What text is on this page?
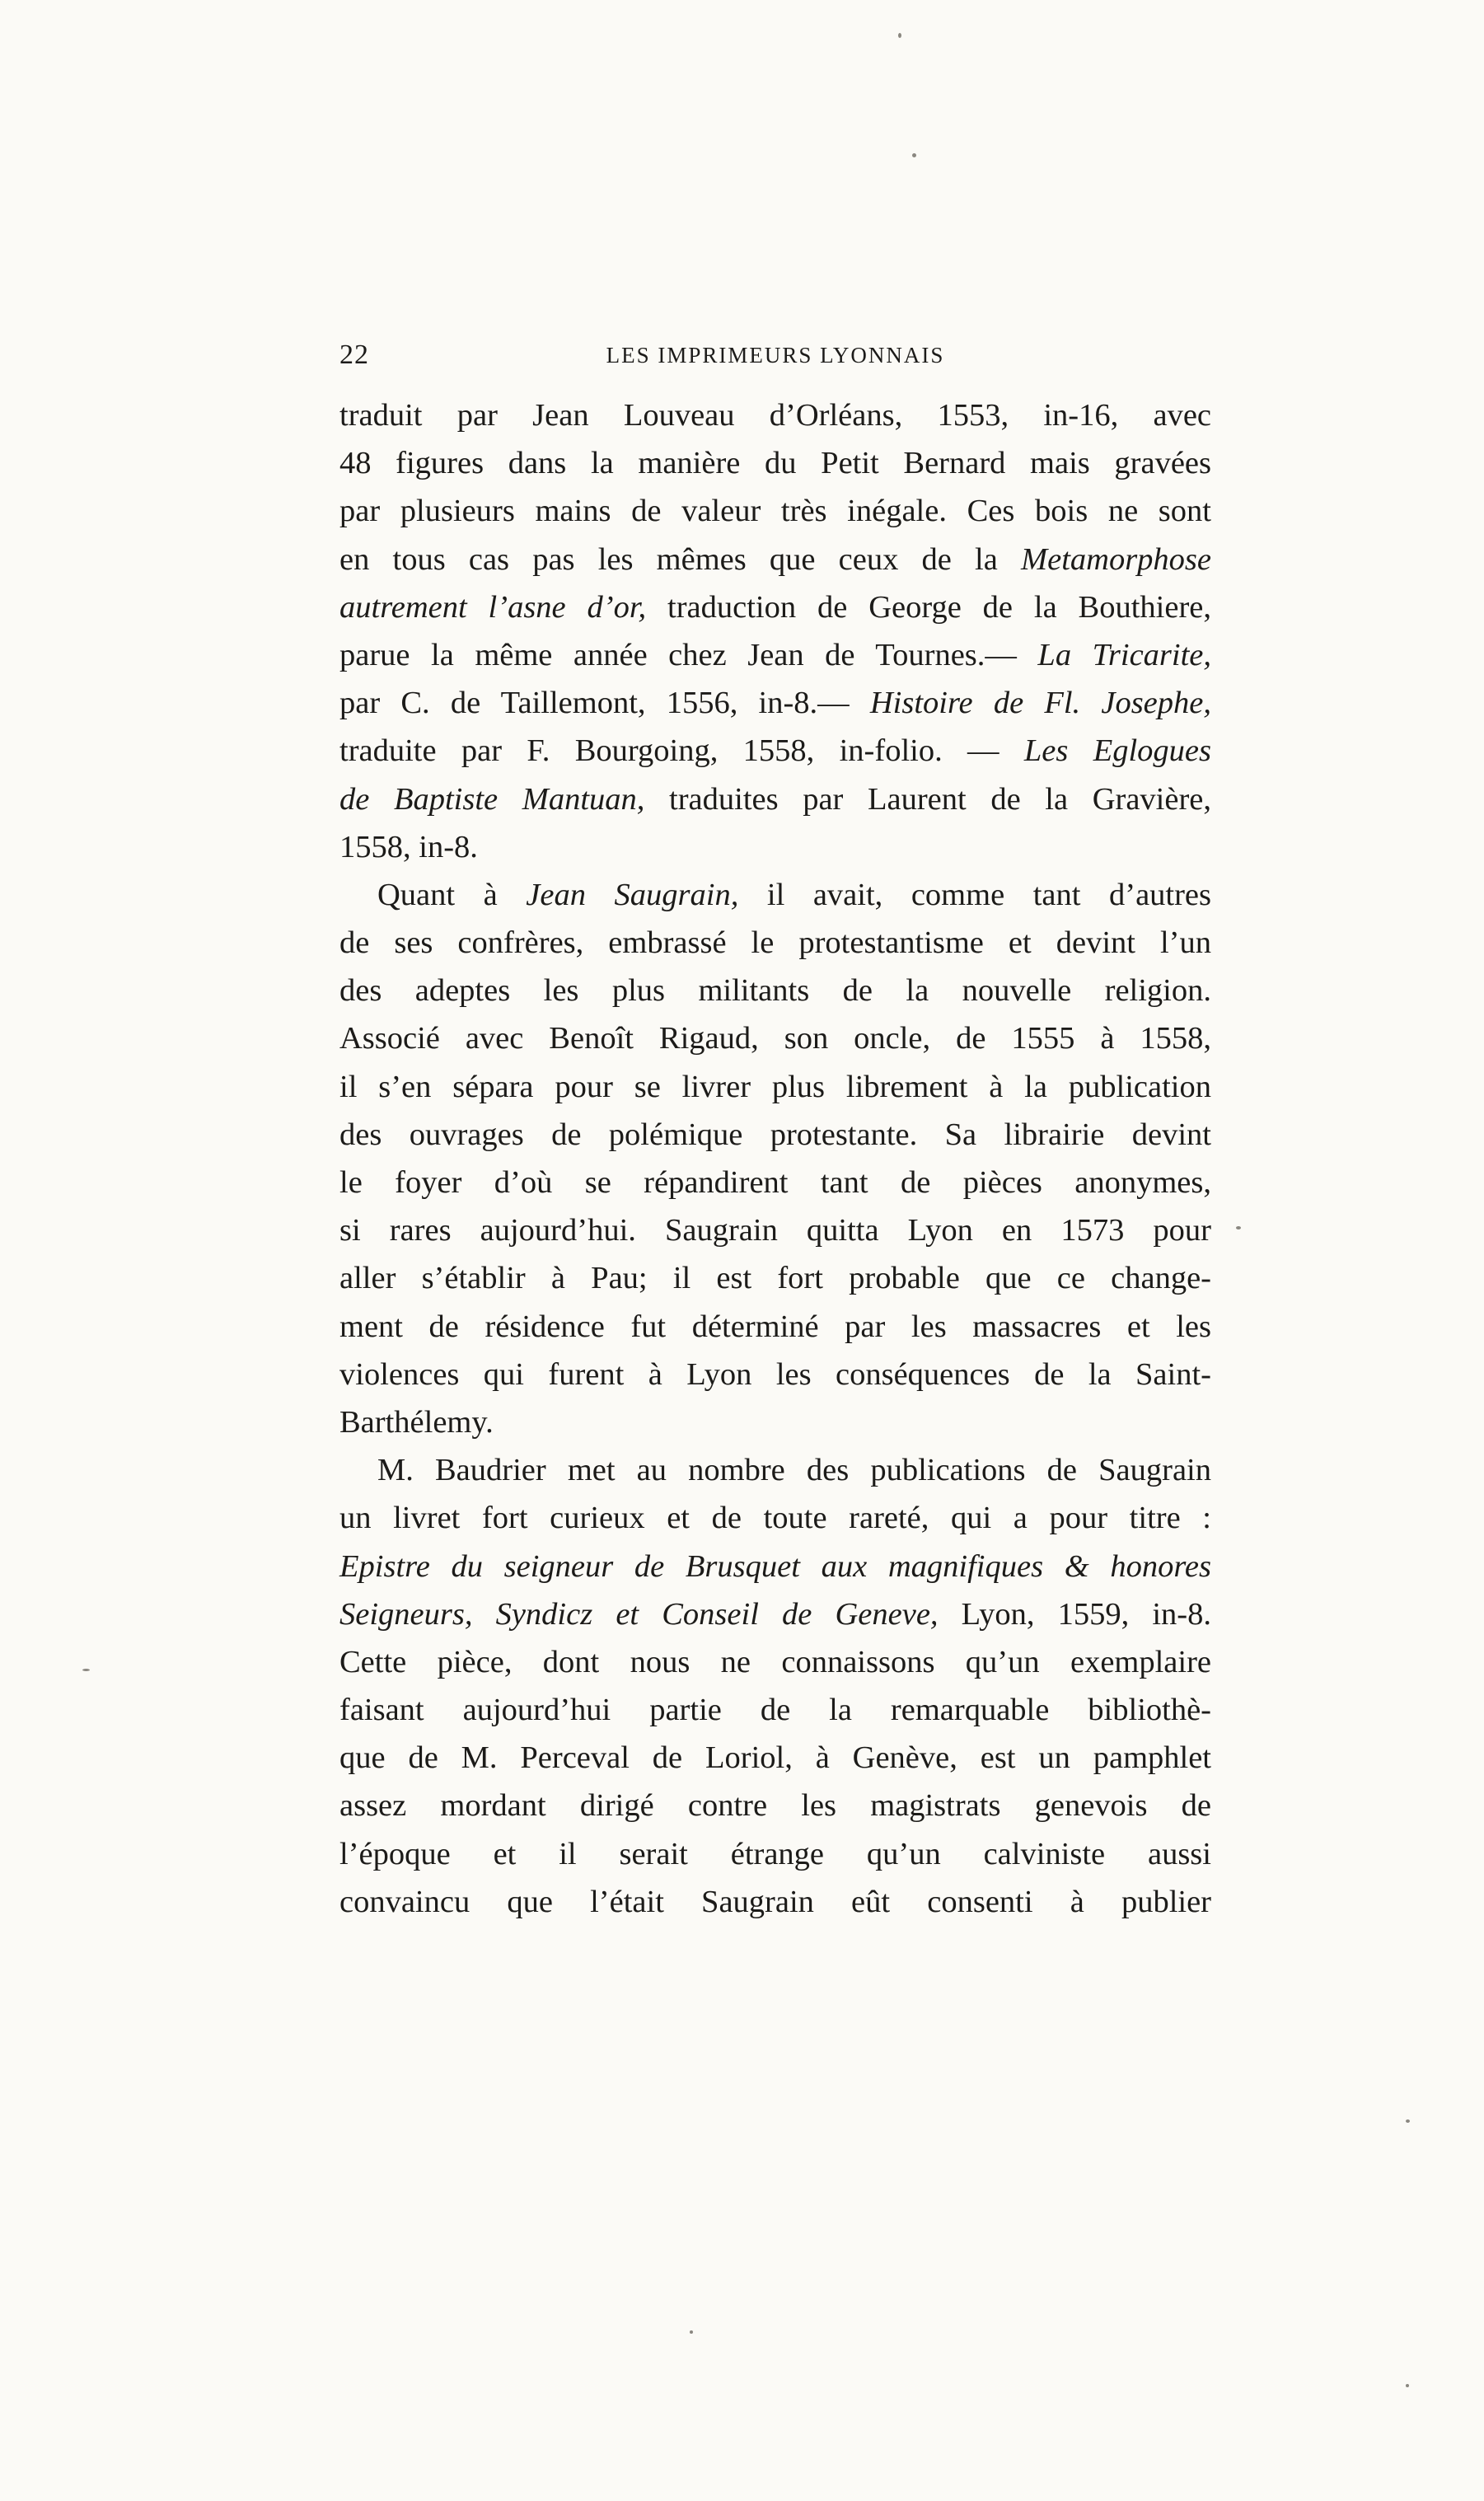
22	LES IMPRIMEURS LYONNAIS
traduit par Jean Louveau d’Orléans, 1553, in-16, avec
48 figures dans la manière du Petit Bernard mais gravées
par plusieurs mains de valeur très inégale. Ces bois ne sont
en tous cas pas les mêmes que ceux de la Metamorphose
autrement l’asne d’or, traduction de George de la Bouthiere,
parue la même année chez Jean de Tournes.— La Tricarite,
par C. de Taillemont, 1556, in-8.— Histoire de Fl. Josephe,
traduite par F. Bourgoing, 1558, in-folio. — Les Eglogues
de Baptiste Mantuan, traduites par Laurent de la Gravière,
1558, in-8.
Quant à Jean Saugrain, il avait, comme tant d’autres
de ses confrères, embrassé le protestantisme et devint l’un
des adeptes les plus militants de la nouvelle religion.
Associé avec Benoît Rigaud, son oncle, de 1555 à 1558,
il s’en sépara pour se livrer plus librement à la publication
des ouvrages de polémique protestante. Sa librairie devint
le foyer d’où se répandirent tant de pièces anonymes,
si rares aujourd’hui. Saugrain quitta Lyon en 1573 pour
aller s’établir à Pau; il est fort probable que ce change-
ment de résidence fut déterminé par les massacres et les
violences qui furent à Lyon les conséquences de la Saint-
Barthélemy.
M. Baudrier met au nombre des publications de Saugrain
un livret fort curieux et de toute rareté, qui a pour titre :
Epistre du seigneur de Brusquet aux magnifiques & honores
Seigneurs, Syndicz et Conseil de Geneve, Lyon, 1559, in-8.
Cette pièce, dont nous ne connaissons qu’un exemplaire
faisant aujourd’hui partie de la remarquable bibliothè-
que de M. Perceval de Loriol, à Genève, est un pamphlet
assez mordant dirigé contre les magistrats genevois de
l’époque et il serait étrange qu’un calviniste aussi
convaincu que l’était Saugrain eût consenti à publier
